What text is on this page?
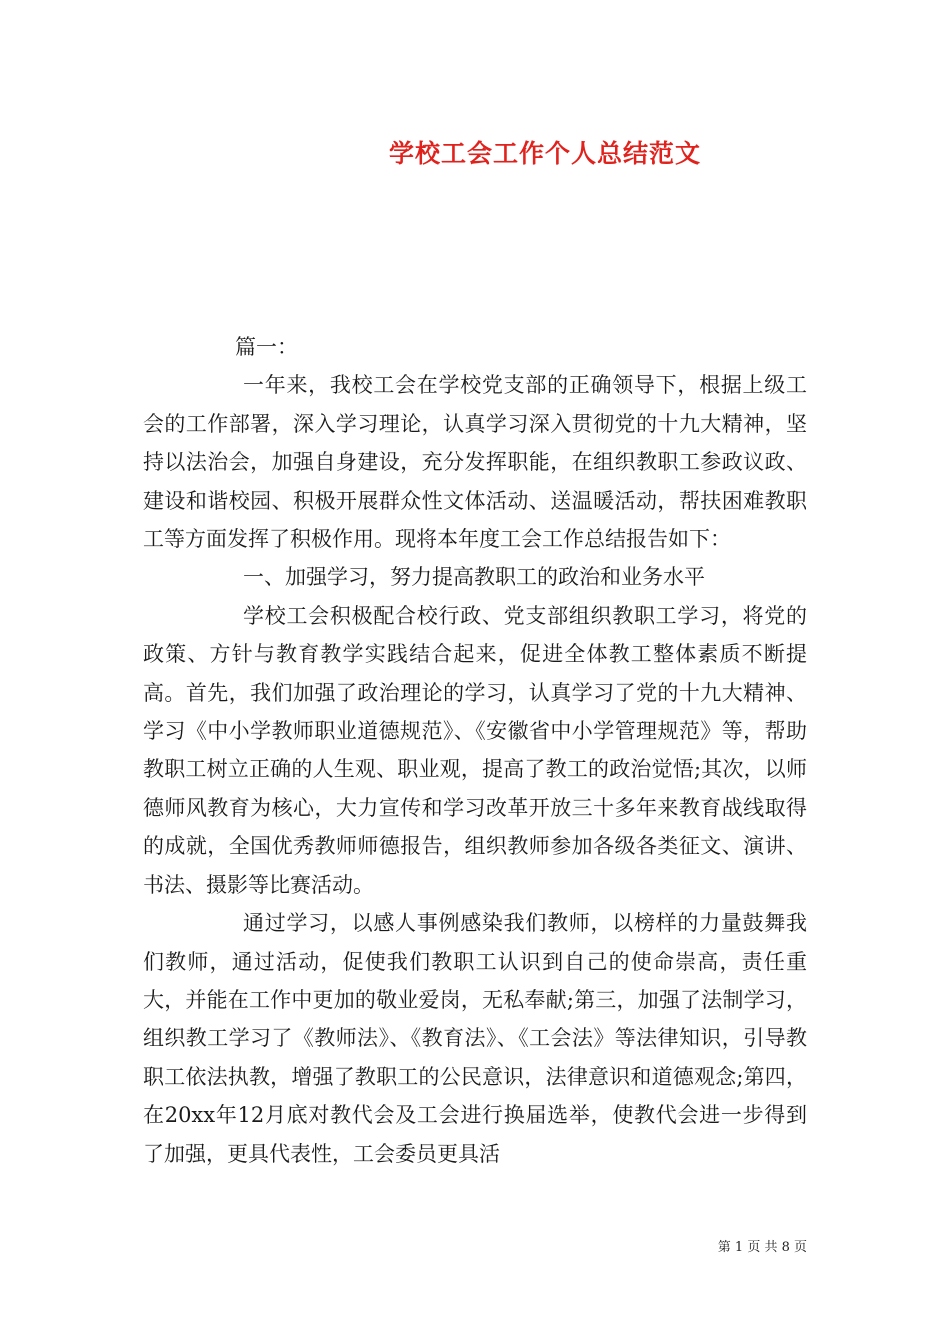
学校工会工作个人总结范文

篇一：

一年来，我校工会在学校党支部的正确领导下，根据上级工会的工作部署，深入学习理论，认真学习深入贯彻党的十九大精神，坚持以法治会，加强自身建设，充分发挥职能，在组织教职工参政议政、建设和谐校园、积极开展群众性文体活动、送温暖活动，帮扶困难教职工等方面发挥了积极作用。现将本年度工会工作总结报告如下：

一、加强学习，努力提高教职工的政治和业务水平

学校工会积极配合校行政、党支部组织教职工学习，将党的政策、方针与教育教学实践结合起来，促进全体教工整体素质不断提高。首先，我们加强了政治理论的学习，认真学习了党的十九大精神、学习《中小学教师职业道德规范》、《安徽省中小学管理规范》等，帮助教职工树立正确的人生观、职业观，提高了教工的政治觉悟;其次，以师德师风教育为核心，大力宣传和学习改革开放三十多年来教育战线取得的成就，全国优秀教师师德报告，组织教师参加各级各类征文、演讲、书法、摄影等比赛活动。

通过学习，以感人事例感染我们教师，以榜样的力量鼓舞我们教师，通过活动，促使我们教职工认识到自己的使命崇高，责任重大，并能在工作中更加的敬业爱岗，无私奉献;第三，加强了法制学习，组织教工学习了《教师法》、《教育法》、《工会法》等法律知识，引导教职工依法执教，增强了教职工的公民意识，法律意识和道德观念;第四，在20xx年12月底对教代会及工会进行换届选举，使教代会进一步得到了加强，更具代表性，工会委员更具活

第 1 页 共 8 页
